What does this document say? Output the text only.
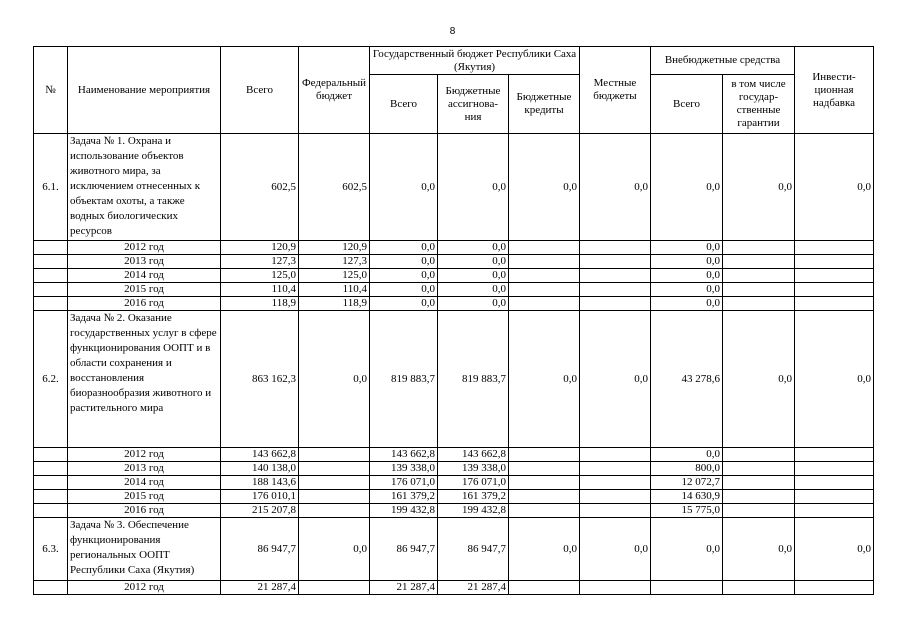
8
№	Наименование мероприятия	Всего	Федеральный бюджет	Государственный бюджет Республики Саха (Якутия)			Местные бюджеты	Внебюджетные средства		Инвести-ционная надбавка
				Всего	Бюджетные ассигнова-ния	Бюджетные кредиты		Всего	в том числе государ-ственные гарантии	
6.1.	Задача № 1. Охрана и использование объектов животного мира, за исключением отнесенных к объектам охоты, а также водных биологических ресурсов	602,5	602,5	0,0	0,0	0,0	0,0	0,0	0,0	0,0
	2012 год	120,9	120,9	0,0	0,0			0,0		
	2013 год	127,3	127,3	0,0	0,0			0,0		
	2014 год	125,0	125,0	0,0	0,0			0,0		
	2015 год	110,4	110,4	0,0	0,0			0,0		
	2016 год	118,9	118,9	0,0	0,0			0,0		
6.2.	Задача № 2. Оказание государственных услуг в сфере функционирования ООПТ и в области сохранения и восстановления биоразнообразия животного и растительного мира	863 162,3	0,0	819 883,7	819 883,7	0,0	0,0	43 278,6	0,0	0,0
	2012 год	143 662,8		143 662,8	143 662,8			0,0		
	2013 год	140 138,0		139 338,0	139 338,0			800,0		
	2014 год	188 143,6		176 071,0	176 071,0			12 072,7		
	2015 год	176 010,1		161 379,2	161 379,2			14 630,9		
	2016 год	215 207,8		199 432,8	199 432,8			15 775,0		
6.3.	Задача № 3. Обеспечение функционирования региональных ООПТ Республики Саха (Якутия)	86 947,7	0,0	86 947,7	86 947,7	0,0	0,0	0,0	0,0	0,0
	2012 год	21 287,4		21 287,4	21 287,4					
